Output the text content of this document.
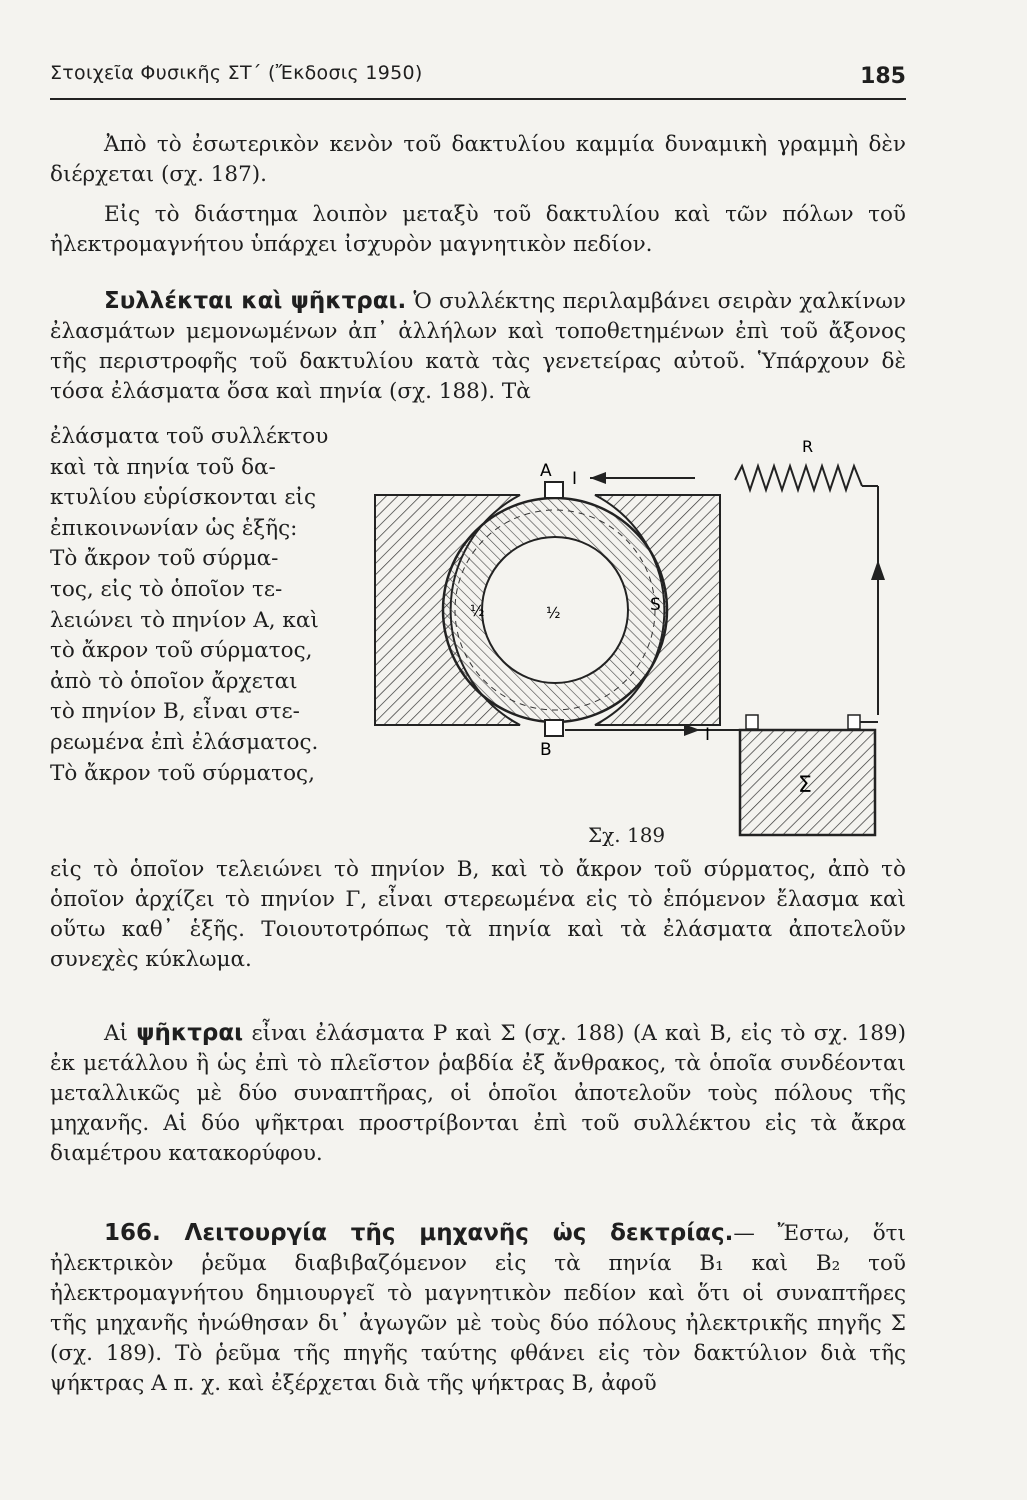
Στοιχεῖα Φυσικῆς ΣΤ΄ (Ἔκδοσις 1950)	185
Ἀπὸ τὸ ἐσωτερικὸν κενὸν τοῦ δακτυλίου καμμία δυναμικὴ γραμμὴ δὲν διέρχεται (σχ. 187).
Εἰς τὸ διάστημα λοιπὸν μεταξὺ τοῦ δακτυλίου καὶ τῶν πόλων τοῦ ἠλεκτρομαγνήτου ὑπάρχει ἰσχυρὸν μαγνητικὸν πεδίον.
Συλλέκται καὶ ψῆκτραι. Ὁ συλλέκτης περιλαμβάνει σειρὰν χαλκίνων ἐλασμάτων μεμονωμένων ἀπ᾽ ἀλλήλων καὶ τοποθετημένων ἐπὶ τοῦ ἄξονος τῆς περιστροφῆς τοῦ δακτυλίου κατὰ τὰς γενετείρας αὐτοῦ. Ὑπάρχουν δὲ τόσα ἐλάσματα ὅσα καὶ πηνία (σχ. 188). Τὰ
ἐλάσματα τοῦ συλλέκτου
καὶ τὰ πηνία τοῦ δα-
κτυλίου εὑρίσκονται εἰς
ἐπικοινωνίαν ὡς ἑξῆς:
Τὸ ἄκρον τοῦ σύρμα-
τος, εἰς τὸ ὁποῖον τε-
λειώνει τὸ πηνίον Α, καὶ
τὸ ἄκρον τοῦ σύρματος,
ἀπὸ τὸ ὁποῖον ἄρχεται
τὸ πηνίον Β, εἶναι στε-
ρεωμένα ἐπὶ ἐλάσματος.
Τὸ ἄκρον τοῦ σύρματος,
R
Α I
Β
I
Σ
½	½	S
Σχ. 189
εἰς τὸ ὁποῖον τελειώνει τὸ πηνίον Β, καὶ τὸ ἄκρον τοῦ σύρματος, ἀπὸ τὸ ὁποῖον ἀρχίζει τὸ πηνίον Γ, εἶναι στερεωμένα εἰς τὸ ἑπόμενον ἔλασμα καὶ οὕτω καθ᾽ ἑξῆς. Τοιουτοτρόπως τὰ πηνία καὶ τὰ ἐλάσματα ἀποτελοῦν συνεχὲς κύκλωμα.
Αἱ ψῆκτραι εἶναι ἐλάσματα Ρ καὶ Σ (σχ. 188) (Α καὶ Β, εἰς τὸ σχ. 189) ἐκ μετάλλου ἢ ὡς ἐπὶ τὸ πλεῖστον ῥαβδία ἐξ ἄνθρακος, τὰ ὁποῖα συνδέονται μεταλλικῶς μὲ δύο συναπτῆρας, οἱ ὁποῖοι ἀποτελοῦν τοὺς πόλους τῆς μηχανῆς. Αἱ δύο ψῆκτραι προστρίβονται ἐπὶ τοῦ συλλέκτου εἰς τὰ ἄκρα διαμέτρου κατακορύφου.
166. Λειτουργία τῆς μηχανῆς ὡς δεκτρίας.— Ἔστω, ὅτι ἠλεκτρικὸν ῥεῦμα διαβιβαζόμενον εἰς τὰ πηνία Β₁ καὶ Β₂ τοῦ ἠλεκτρομαγνήτου δημιουργεῖ τὸ μαγνητικὸν πεδίον καὶ ὅτι οἱ συναπτῆρες τῆς μηχανῆς ἡνώθησαν δι᾽ ἀγωγῶν μὲ τοὺς δύο πόλους ἠλεκτρικῆς πηγῆς Σ (σχ. 189). Τὸ ῥεῦμα τῆς πηγῆς ταύτης φθάνει εἰς τὸν δακτύλιον διὰ τῆς ψήκτρας Α π. χ. καὶ ἐξέρχεται διὰ τῆς ψήκτρας Β, ἀφοῦ
